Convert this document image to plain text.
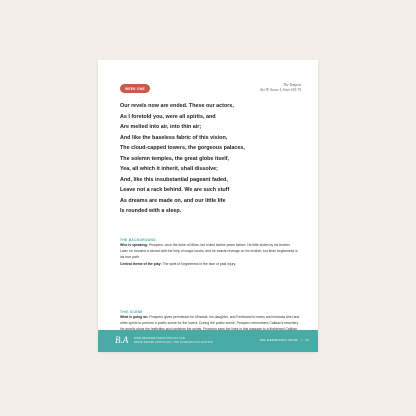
WEEK ONE
The Tempest
Act IV, Scene 1, lines 163-75
Our revels now are ended. These our actors,
As I foretold you, were all spirits, and
Are melted into air, into thin air;
And like the baseless fabric of this vision,
The cloud-capped towers, the gorgeous palaces,
The solemn temples, the great globe itself,
Yea, all which it inherit, shall dissolve;
And, like this insubstantial pageant faded,
Leave not a rack behind. We are such stuff
As dreams are made on, and our little life
Is rounded with a sleep.
THE BACKGROUND
Who is speaking: Prospero, once the duke of Milan, but exiled twelve years before. He little stolen by his brother. Later, he became a wizard with the help of magic books, and he exacts revenge on his brother, but finds forgiveness is his true path.
Central theme of the play: The spirit of forgiveness in the face of past injury.
THIS SCENE
What is going on: Prospero gives permission for Miranda, his daughter, and Ferdinand to marry and instructs Ariel and other spirits to perform a poetic scene for the lovers. During the poetic scene, Prospero remembers Caliban's treachery.
B.A WWW.BRAVEWRITERANTHOLOGY.COM
BRAVE WRITER ANTHOLOGY: THE COMPLETE COLLECTION
THE WEDNESDAY WORK | 10
